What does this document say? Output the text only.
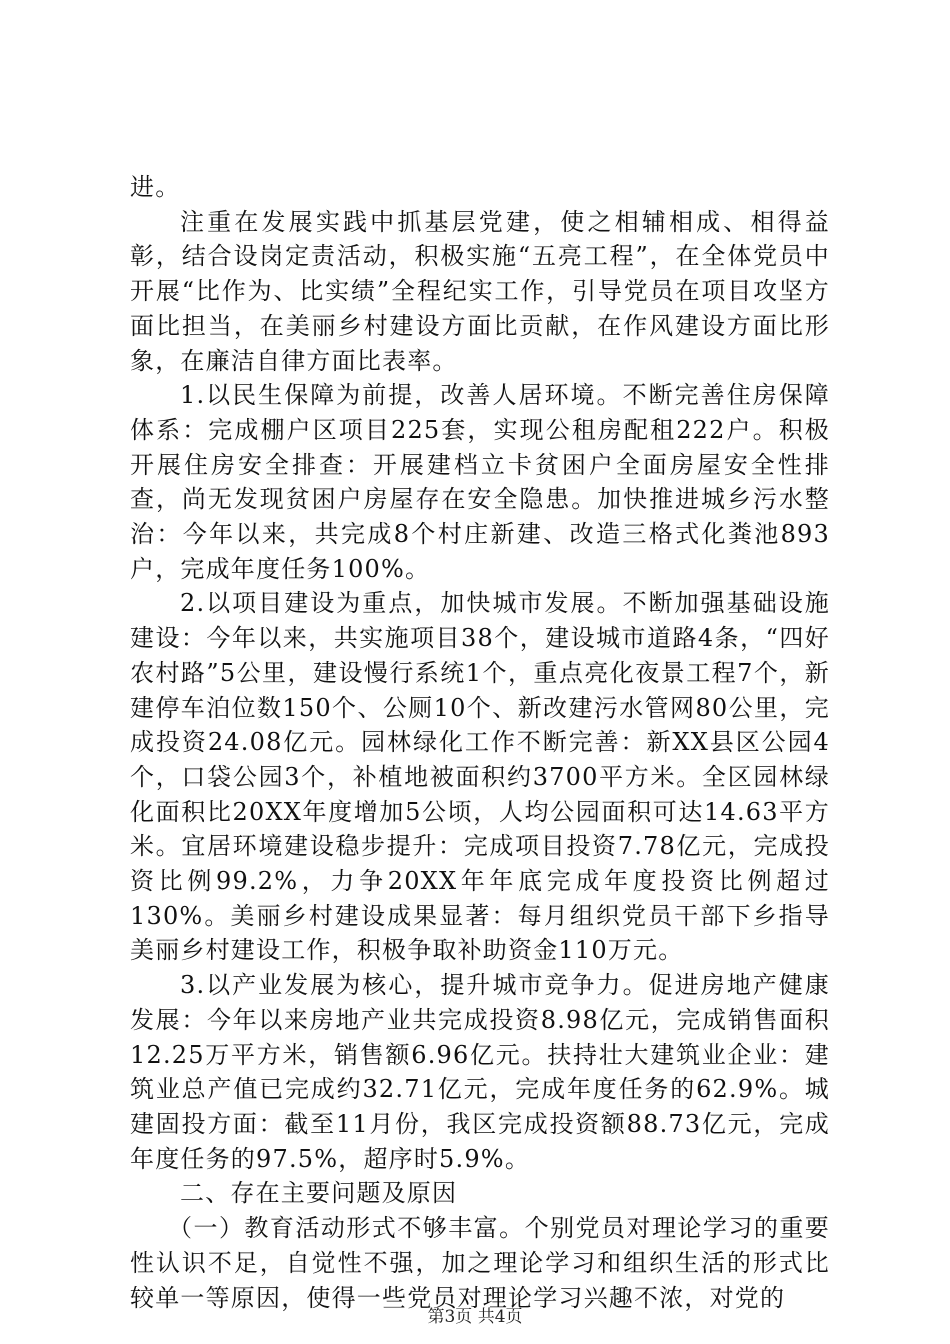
进。

注重在发展实践中抓基层党建，使之相辅相成、相得益彰，结合设岗定责活动，积极实施“五亮工程”，在全体党员中开展“比作为、比实绩”全程纪实工作，引导党员在项目攻坚方面比担当，在美丽乡村建设方面比贡献，在作风建设方面比形象，在廉洁自律方面比表率。

1.以民生保障为前提，改善人居环境。不断完善住房保障体系：完成棚户区项目225套，实现公租房配租222户。积极开展住房安全排查：开展建档立卡贫困户全面房屋安全性排查，尚无发现贫困户房屋存在安全隐患。加快推进城乡污水整治：今年以来，共完成8个村庄新建、改造三格式化粪池893户，完成年度任务100%。

2.以项目建设为重点，加快城市发展。不断加强基础设施建设：今年以来，共实施项目38个，建设城市道路4条，“四好农村路”5公里，建设慢行系统1个，重点亮化夜景工程7个，新建停车泊位数150个、公厕10个、新改建污水管网80公里，完成投资24.08亿元。园林绿化工作不断完善：新XX县区公园4个，口袋公园3个，补植地被面积约3700平方米。全区园林绿化面积比20XX年度增加5公顷，人均公园面积可达14.63平方米。宜居环境建设稳步提升：完成项目投资7.78亿元，完成投资比例99.2%，力争20XX年年底完成年度投资比例超过130%。美丽乡村建设成果显著：每月组织党员干部下乡指导美丽乡村建设工作，积极争取补助资金110万元。

3.以产业发展为核心，提升城市竞争力。促进房地产健康发展：今年以来房地产业共完成投资8.98亿元，完成销售面积12.25万平方米，销售额6.96亿元。扶持壮大建筑业企业：建筑业总产值已完成约32.71亿元，完成年度任务的62.9%。城建固投方面：截至11月份，我区完成投资额88.73亿元，完成年度任务的97.5%，超序时5.9%。

二、存在主要问题及原因

（一）教育活动形式不够丰富。个别党员对理论学习的重要性认识不足，自觉性不强，加之理论学习和组织生活的形式比较单一等原因，使得一些党员对理论学习兴趣不浓，对党的

第3页 共4页
